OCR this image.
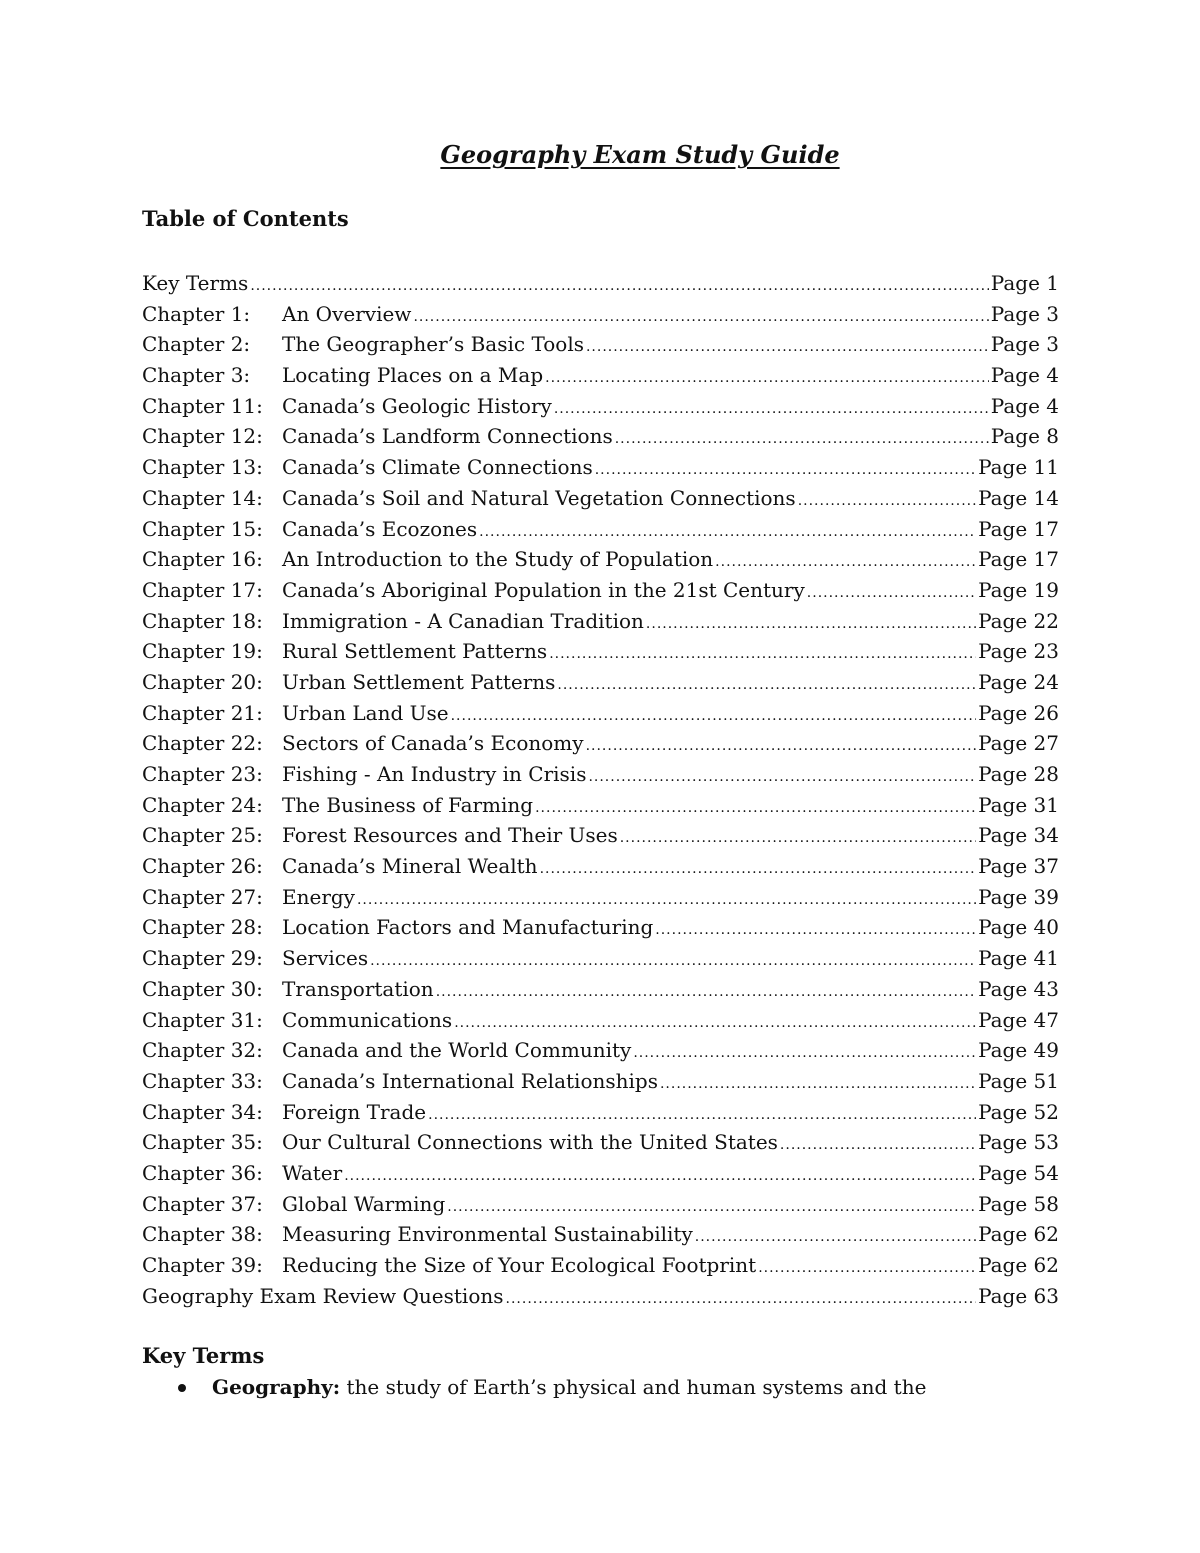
Geography Exam Study Guide
Table of Contents
Key Terms .....	Page 1
Chapter 1:	An Overview .....	Page 3
Chapter 2:	The Geographer’s Basic Tools .....	Page 3
Chapter 3:	Locating Places on a Map .....	Page 4
Chapter 11: Canada’s Geologic History .....	Page 4
Chapter 12: Canada’s Landform Connections .....	Page 8
Chapter 13: Canada’s Climate Connections .....	Page 11
Chapter 14: Canada’s Soil and Natural Vegetation Connections .....	Page 14
Chapter 15: Canada’s Ecozones .....	Page 17
Chapter 16: An Introduction to the Study of Population .....	Page 17
Chapter 17: Canada’s Aboriginal Population in the 21st Century .....	Page 19
Chapter 18: Immigration - A Canadian Tradition .....	Page 22
Chapter 19: Rural Settlement Patterns .....	Page 23
Chapter 20: Urban Settlement Patterns .....	Page 24
Chapter 21: Urban Land Use .....	Page 26
Chapter 22: Sectors of Canada’s Economy .....	Page 27
Chapter 23: Fishing - An Industry in Crisis .....	Page 28
Chapter 24: The Business of Farming .....	Page 31
Chapter 25: Forest Resources and Their Uses .....	Page 34
Chapter 26: Canada’s Mineral Wealth .....	Page 37
Chapter 27: Energy .....	Page 39
Chapter 28: Location Factors and Manufacturing .....	Page 40
Chapter 29: Services .....	Page 41
Chapter 30: Transportation .....	Page 43
Chapter 31: Communications .....	Page 47
Chapter 32: Canada and the World Community .....	Page 49
Chapter 33: Canada’s International Relationships .....	Page 51
Chapter 34: Foreign Trade .....	Page 52
Chapter 35: Our Cultural Connections with the United States .....	Page 53
Chapter 36: Water .....	Page 54
Chapter 37: Global Warming .....	Page 58
Chapter 38: Measuring Environmental Sustainability .....	Page 62
Chapter 39: Reducing the Size of Your Ecological Footprint .....	Page 62
Geography Exam Review Questions .....	Page 63
Key Terms
Geography: the study of Earth’s physical and human systems and the
